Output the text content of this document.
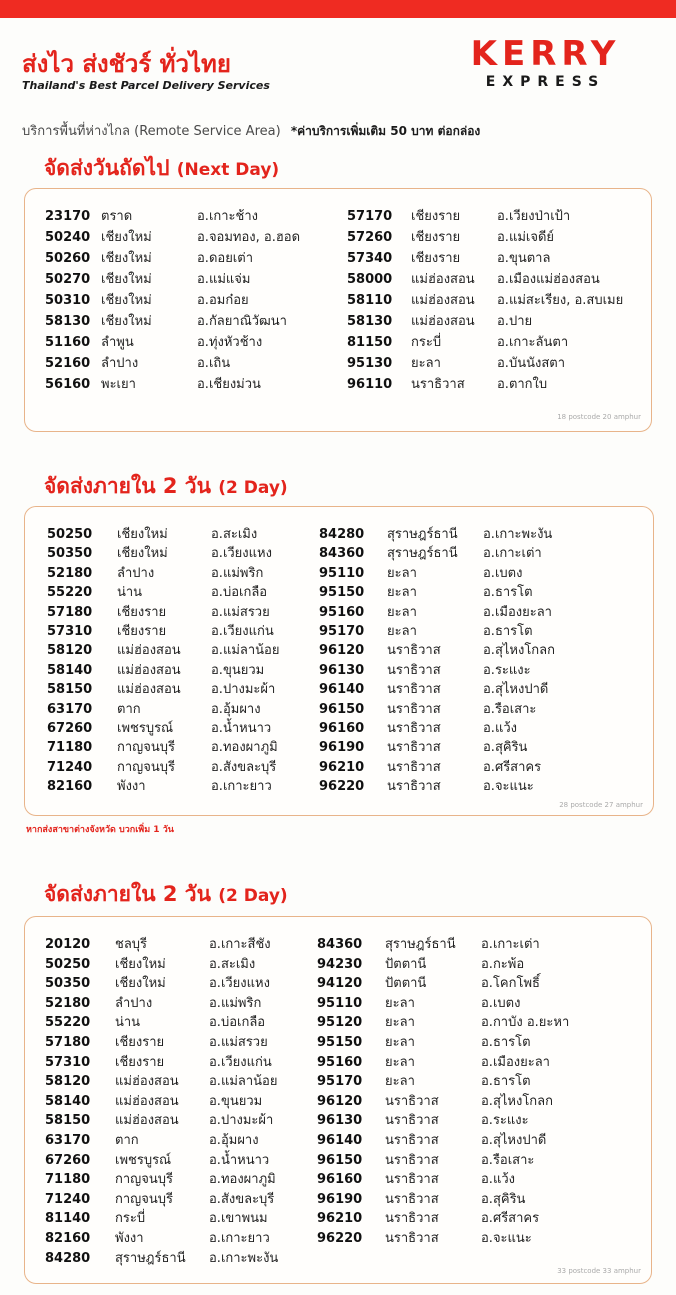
ส่งไว ส่งชัวร์ ทั่วไทย
Thailand's Best Parcel Delivery Services
KERRY
EXPRESS
บริการพื้นที่ห่างไกล (Remote Service Area) *ค่าบริการเพิ่มเติม 50 บาท ต่อกล่อง
จัดส่งวันถัดไป (Next Day)
18 postcode 20 amphur
23170 ตราด	อ.เกาะช้าง
50240 เชียงใหม่	อ.จอมทอง, อ.ฮอด
50260 เชียงใหม่	อ.ดอยเต่า
50270 เชียงใหม่	อ.แม่แจ่ม
50310 เชียงใหม่	อ.อมก๋อย
58130 เชียงใหม่	อ.กัลยาณิวัฒนา
51160 ลำพูน	อ.ทุ่งหัวช้าง
52160 ลำปาง	อ.เถิน
56160 พะเยา	อ.เชียงม่วน
57170 เชียงราย	อ.เวียงป่าเป้า
57260 เชียงราย	อ.แม่เจดีย์
57340 เชียงราย	อ.ขุนตาล
58000 แม่ฮ่องสอน อ.เมืองแม่ฮ่องสอน
58110 แม่ฮ่องสอน อ.แม่สะเรียง, อ.สบเมย
58130 แม่ฮ่องสอน อ.ปาย
81150 กระบี่	อ.เกาะลันตา
95130 ยะลา	อ.บันนังสตา
96110 นราธิวาส อ.ตากใบ
จัดส่งภายใน 2 วัน (2 Day)
28 postcode 27 amphur
50250 เชียงใหม่	อ.สะเมิง
50350 เชียงใหม่	อ.เวียงแหง
52180 ลำปาง	อ.แม่พริก
55220 น่าน	อ.บ่อเกลือ
57180 เชียงราย	อ.แม่สรวย
57310 เชียงราย	อ.เวียงแก่น
58120 แม่ฮ่องสอน อ.แม่ลาน้อย
58140 แม่ฮ่องสอน อ.ขุนยวม
58150 แม่ฮ่องสอน อ.ปางมะผ้า
63170 ตาก	อ.อุ้มผาง
67260 เพชรบูรณ์	อ.น้ำหนาว
71180 กาญจนบุรี	อ.ทองผาภูมิ
71240 กาญจนบุรี	อ.สังขละบุรี
82160 พังงา	อ.เกาะยาว
84280 สุราษฎร์ธานี อ.เกาะพะงัน
84360 สุราษฎร์ธานี อ.เกาะเต่า
95110 ยะลา	อ.เบตง
95150 ยะลา	อ.ธารโต
95160 ยะลา	อ.เมืองยะลา
95170 ยะลา	อ.ธารโต
96120 นราธิวาส	อ.สุไหงโกลก
96130 นราธิวาส	อ.ระแงะ
96140 นราธิวาส	อ.สุไหงปาดี
96150 นราธิวาส	อ.รือเสาะ
96160 นราธิวาส	อ.แว้ง
96190 นราธิวาส	อ.สุคิริน
96210 นราธิวาส	อ.ศรีสาคร
96220 นราธิวาส	อ.จะแนะ
หากส่งสาขาต่างจังหวัด บวกเพิ่ม 1 วัน
จัดส่งภายใน 2 วัน (2 Day)
33 postcode 33 amphur
20120 ชลบุรี	อ.เกาะสีชัง
50250 เชียงใหม่	อ.สะเมิง
50350 เชียงใหม่	อ.เวียงแหง
52180 ลำปาง	อ.แม่พริก
55220 น่าน	อ.บ่อเกลือ
57180 เชียงราย	อ.แม่สรวย
57310 เชียงราย	อ.เวียงแก่น
58120 แม่ฮ่องสอน อ.แม่ลาน้อย
58140 แม่ฮ่องสอน อ.ขุนยวม
58150 แม่ฮ่องสอน อ.ปางมะผ้า
63170 ตาก	อ.อุ้มผาง
67260 เพชรบูรณ์	อ.น้ำหนาว
71180 กาญจนบุรี	อ.ทองผาภูมิ
71240 กาญจนบุรี	อ.สังขละบุรี
81140 กระบี่	อ.เขาพนม
82160 พังงา	อ.เกาะยาว
84280 สุราษฎร์ธานี อ.เกาะพะงัน
84360 สุราษฎร์ธานี อ.เกาะเต่า
94230 ปัตตานี	อ.กะพ้อ
94120 ปัตตานี	อ.โคกโพธิ์
95110 ยะลา	อ.เบตง
95120 ยะลา	อ.กาบัง อ.ยะหา
95150 ยะลา	อ.ธารโต
95160 ยะลา	อ.เมืองยะลา
95170 ยะลา	อ.ธารโต
96120 นราธิวาส	อ.สุไหงโกลก
96130 นราธิวาส	อ.ระแงะ
96140 นราธิวาส	อ.สุไหงปาดี
96150 นราธิวาส	อ.รือเสาะ
96160 นราธิวาส	อ.แว้ง
96190 นราธิวาส	อ.สุคิริน
96210 นราธิวาส	อ.ศรีสาคร
96220 นราธิวาส	อ.จะแนะ
